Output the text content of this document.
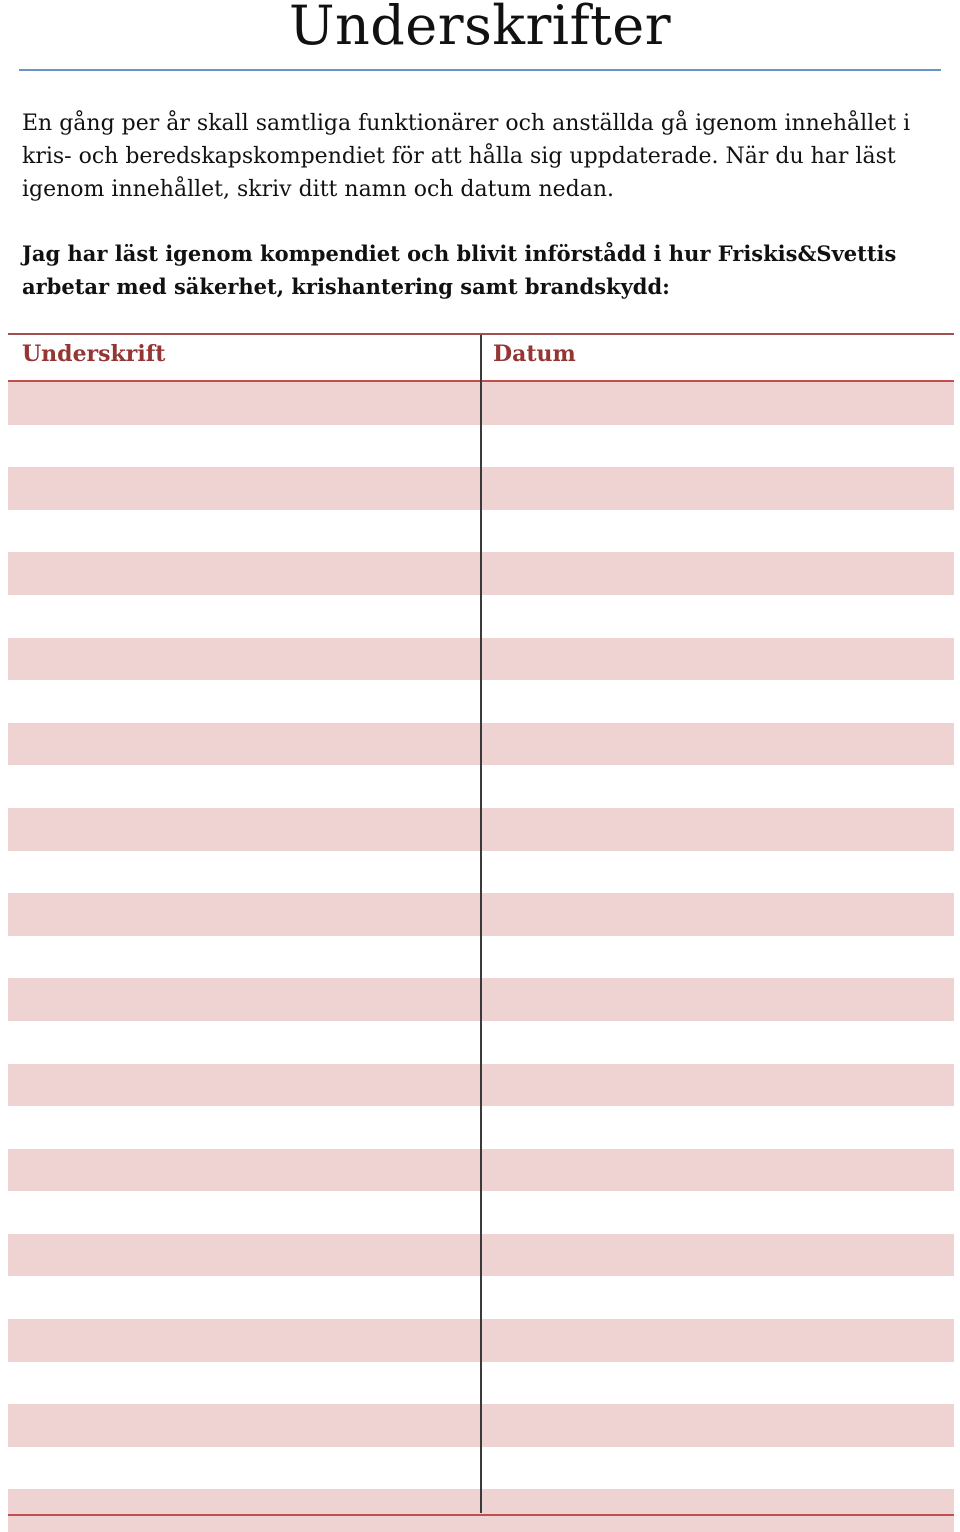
Underskrifter

En gång per år skall samtliga funktionärer och anställda gå igenom innehållet i kris- och beredskapskompendiet för att hålla sig uppdaterade. När du har läst igenom innehållet, skriv ditt namn och datum nedan.

Jag har läst igenom kompendiet och blivit införstådd i hur Friskis&Svettis arbetar med säkerhet, krishantering samt brandskydd:

Underskrift	Datum
